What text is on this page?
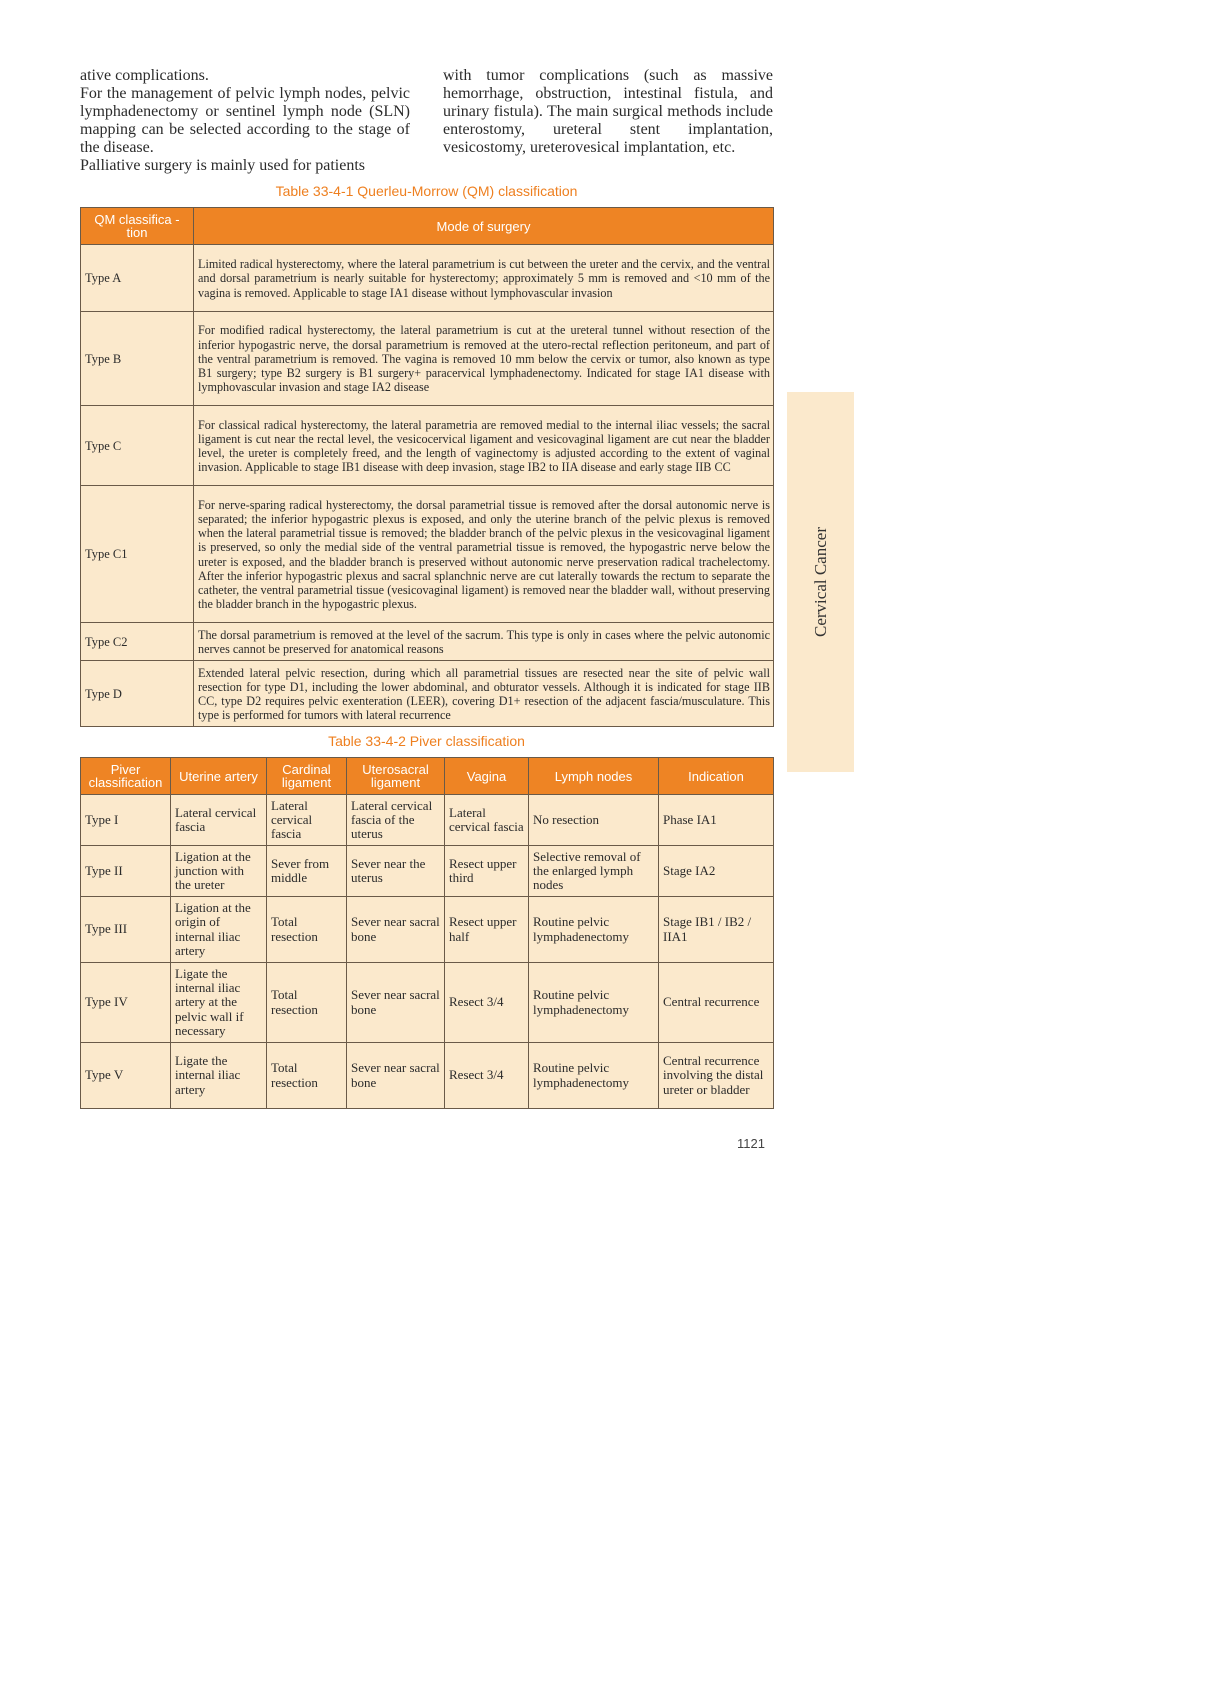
ative complications.

For the management of pelvic lymph nodes, pelvic lymphadenectomy or sentinel lymph node (SLN) mapping can be selected according to the stage of the disease.

Palliative surgery is mainly used for patients

with tumor complications (such as massive hemorrhage, obstruction, intestinal fistula, and urinary fistula). The main surgical methods include enterostomy, ureteral stent implantation, vesicostomy, ureterovesical implantation, etc.

Table 33-4-1 Querleu-Morrow (QM) classification
QM classifica - tion	Mode of surgery
Type A	Limited radical hysterectomy, where the lateral parametrium is cut between the ureter and the cervix, and the ventral and dorsal parametrium is nearly suitable for hysterectomy; approximately 5 mm is removed and <10 mm of the vagina is removed. Applicable to stage IA1 disease without lymphovascular invasion
Type B	For modified radical hysterectomy, the lateral parametrium is cut at the ureteral tunnel without resection of the inferior hypogastric nerve, the dorsal parametrium is removed at the utero-rectal reflection peritoneum, and part of the ventral parametrium is removed. The vagina is removed 10 mm below the cervix or tumor, also known as type B1 surgery; type B2 surgery is B1 surgery+ paracervical lymphadenectomy. Indicated for stage IA1 disease with lymphovascular invasion and stage IA2 disease
Type C	For classical radical hysterectomy, the lateral parametria are removed medial to the internal iliac vessels; the sacral ligament is cut near the rectal level, the vesicocervical ligament and vesicovaginal ligament are cut near the bladder level, the ureter is completely freed, and the length of vaginectomy is adjusted according to the extent of vaginal invasion. Applicable to stage IB1 disease with deep invasion, stage IB2 to IIA disease and early stage IIB CC
Type C1	For nerve-sparing radical hysterectomy, the dorsal parametrial tissue is removed after the dorsal autonomic nerve is separated; the inferior hypogastric plexus is exposed, and only the uterine branch of the pelvic plexus is removed when the lateral parametrial tissue is removed; the bladder branch of the pelvic plexus in the vesicovaginal ligament is preserved, so only the medial side of the ventral parametrial tissue is removed, the hypogastric nerve below the ureter is exposed, and the bladder branch is preserved without autonomic nerve preservation radical trachelectomy. After the inferior hypogastric plexus and sacral splanchnic nerve are cut laterally towards the rectum to separate the catheter, the ventral parametrial tissue (vesicovaginal ligament) is removed near the bladder wall, without preserving the bladder branch in the hypogastric plexus.
Type C2	The dorsal parametrium is removed at the level of the sacrum. This type is only in cases where the pelvic autonomic nerves cannot be preserved for anatomical reasons
Type D	Extended lateral pelvic resection, during which all parametrial tissues are resected near the site of pelvic wall resection for type D1, including the lower abdominal, and obturator vessels. Although it is indicated for stage IIB CC, type D2 requires pelvic exenteration (LEER), covering D1+ resection of the adjacent fascia/musculature. This type is performed for tumors with lateral recurrence
Table 33-4-2 Piver classification
Piver classification	Uterine artery	Cardinal ligament	Uterosacral ligament	Vagina	Lymph nodes	Indication
Type I	Lateral cervical fascia	Lateral cervical fascia	Lateral cervical fascia of the uterus	Lateral cervical fascia	No resection	Phase IA1
Type II	Ligation at the junction with the ureter	Sever from middle	Sever near the uterus	Resect upper third	Selective removal of the enlarged lymph nodes	Stage IA2
Type III	Ligation at the origin of internal iliac artery	Total resection	Sever near sacral bone	Resect upper half	Routine pelvic lymphadenectomy	Stage IB1 / IB2 / IIA1
Type IV	Ligate the internal iliac artery at the pelvic wall if necessary	Total resection	Sever near sacral bone	Resect 3/4	Routine pelvic lymphadenectomy	Central recurrence
Type V	Ligate the internal iliac artery	Total resection	Sever near sacral bone	Resect 3/4	Routine pelvic lymphadenectomy	Central recurrence involving the distal ureter or bladder
Cervical Cancer
1121
